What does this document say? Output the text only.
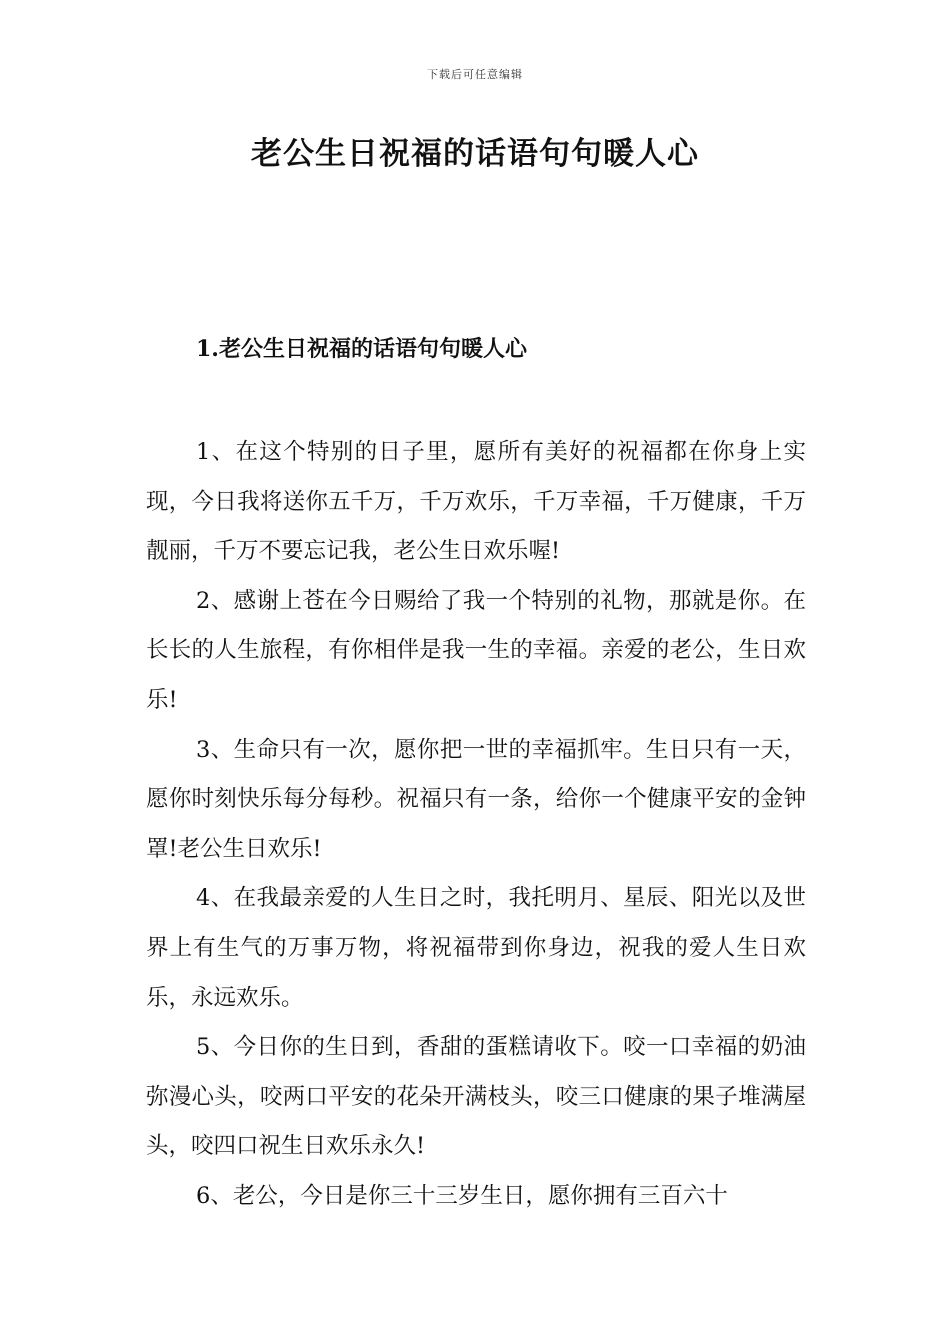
下载后可任意编辑
老公生日祝福的话语句句暖人心
1.老公生日祝福的话语句句暖人心

1、在这个特别的日子里，愿所有美好的祝福都在你身上实现，今日我将送你五千万，千万欢乐，千万幸福，千万健康，千万靓丽，千万不要忘记我，老公生日欢乐喔!

2、感谢上苍在今日赐给了我一个特别的礼物，那就是你。在长长的人生旅程，有你相伴是我一生的幸福。亲爱的老公，生日欢乐!

3、生命只有一次，愿你把一世的幸福抓牢。生日只有一天，愿你时刻快乐每分每秒。祝福只有一条，给你一个健康平安的金钟罩!老公生日欢乐!

4、在我最亲爱的人生日之时，我托明月、星辰、阳光以及世界上有生气的万事万物，将祝福带到你身边，祝我的爱人生日欢乐，永远欢乐。

5、今日你的生日到，香甜的蛋糕请收下。咬一口幸福的奶油弥漫心头，咬两口平安的花朵开满枝头，咬三口健康的果子堆满屋头，咬四口祝生日欢乐永久!

6、老公，今日是你三十三岁生日，愿你拥有三百六十
